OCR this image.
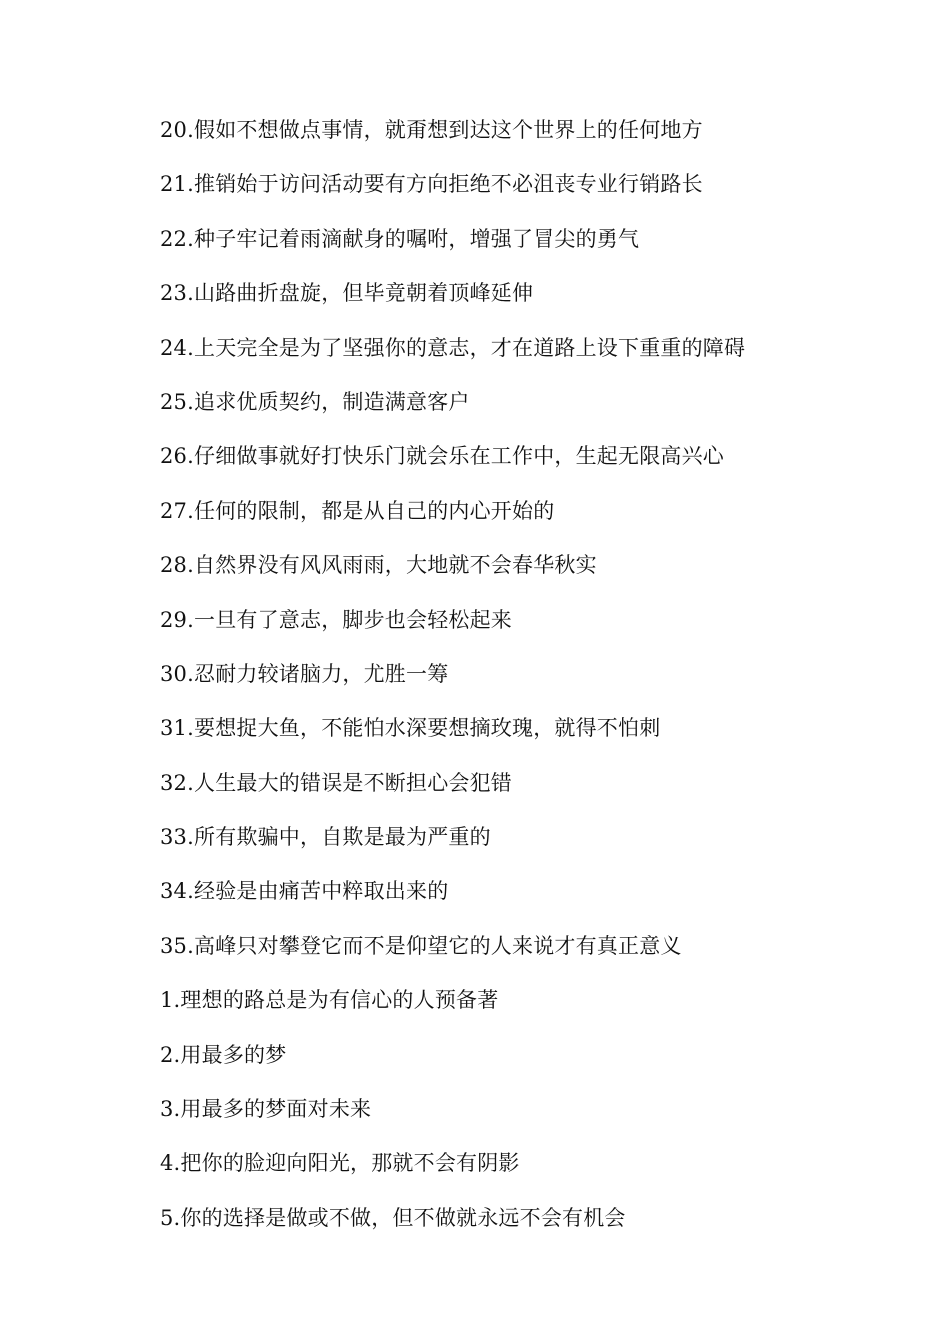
20.假如不想做点事情，就甭想到达这个世界上的任何地方
21.推销始于访问活动要有方向拒绝不必沮丧专业行销路长
22.种子牢记着雨滴献身的嘱咐，增强了冒尖的勇气
23.山路曲折盘旋，但毕竟朝着顶峰延伸
24.上天完全是为了坚强你的意志，才在道路上设下重重的障碍
25.追求优质契约，制造满意客户
26.仔细做事就好打快乐门就会乐在工作中，生起无限高兴心
27.任何的限制，都是从自己的内心开始的
28.自然界没有风风雨雨，大地就不会春华秋实
29.一旦有了意志，脚步也会轻松起来
30.忍耐力较诸脑力，尤胜一筹
31.要想捉大鱼，不能怕水深要想摘玫瑰，就得不怕刺
32.人生最大的错误是不断担心会犯错
33.所有欺骗中，自欺是最为严重的
34.经验是由痛苦中粹取出来的
35.高峰只对攀登它而不是仰望它的人来说才有真正意义
1.理想的路总是为有信心的人预备著
2.用最多的梦
3.用最多的梦面对未来
4.把你的脸迎向阳光，那就不会有阴影
5.你的选择是做或不做，但不做就永远不会有机会
